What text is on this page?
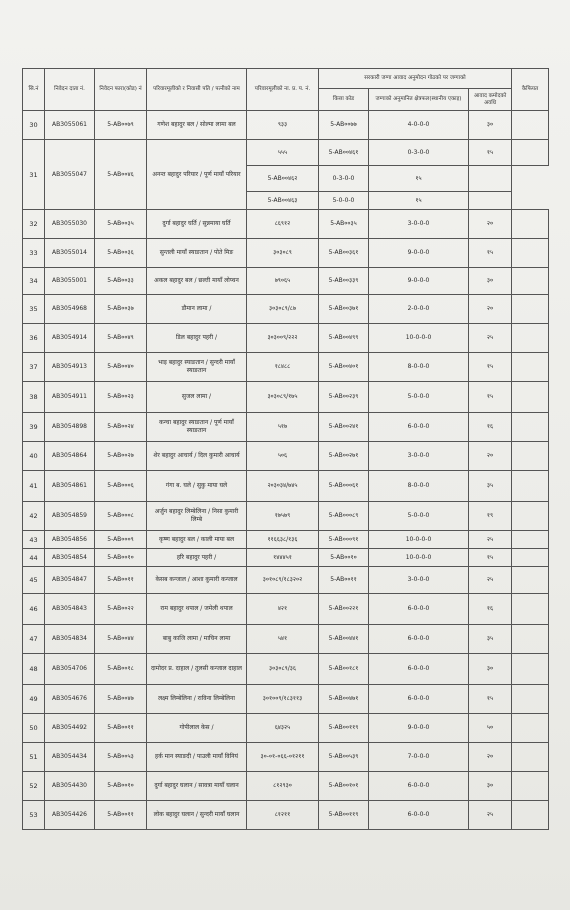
सि.नं	निवेदन दाता नं.	निवेदन फारा(कोड) नं	परिवारमूलीको र निवासी पति / पत्नीको नाम	परिवारमूलीको ना. प्र. प. नं.	सरकारी जग्गा आवाद अनुमोदन गोठको पर जग्गाको			कैफियत
					कित्ता कोड	जग्गाको अनुमानित क्षेत्रफल(स्थानीय एकाइ)	आवाद कमोदको अवधि	
30	AB3055061	5-AB००७९	गणेश बहादुर बल / सोल्मा लामा बल	९३३	5-AB००७७	4-0-0-0	३०	
31	AB3055047	5-AB००४६	अनन्त बहादुर परियार / पूर्ण मायाँ परियार	५५५	5-AB००४६१	0-3-0-0	१५	
				5-AB००४६२	0-3-0-0	१५		
				5-AB००४६३	5-0-0-0	१५		
32	AB3055030	5-AB००३५	दुर्गा बहादुर घर्ति / सुन्नमाया घर्ति	८६९१२	5-AB००३५	3-0-0-0	२०	
33	AB3055014	5-AB००३६	सुन्तली मायाँ स्याङतान / पोते मिङ	३०३०८९	5-AB००३६१	9-0-0-0	१५	
34	AB3055001	5-AB००३३	अकल बहादुर बल / छल्ती मायाँ लोप्चन	७९०६५	5-AB००३३९	9-0-0-0	३०	
35	AB3054968	5-AB००३७	डौमान लामा /	३०३०८९/८७	5-AB००३७१	2-0-0-0	२०	
36	AB3054914	5-AB००४९	डिल बहादुर पहरी /	३०३००९/२२२	5-AB००४९९	10-0-0-0	२५	
37	AB3054913	5-AB००४०	भाइ बहादुर स्याङतान / सुन्दरी मायाँ स्याङतान	१८४८८	5-AB००४०१	8-0-0-0	१५	
38	AB3054911	5-AB००२३	सुजल लामा /	३०३०८९/१७५	5-AB००२३९	5-0-0-0	१५	
39	AB3054898	5-AB००२४	कन्चा बहादुर स्याङतान / पूर्ण मायाँ स्याङतान	५१७	5-AB००२४१	6-0-0-0	१६	
40	AB3054864	5-AB००२७	शेर बहादुर आचार्य / दिल कुमारी आचार्य	५०६	5-AB००२७१	3-0-0-0	२०	
41	AB3054861	5-AB०००६	गंगा ब. घले / सुकु माया घले	२०३०३४/७४५	5-AB०००६१	8-0-0-0	३५	
42	AB3054859	5-AB०००८	अर्जुन बहादुर लिम्बेलिना / निसा कुमारी लिम्बे	१७५७९	5-AB०००८९	5-0-0-0	१९	
43	AB3054856	5-AB०००९	कृष्ण बहादुर बल / काली माया बल	११६६३८/१३६	5-AB०००९१	10-0-0-0	२५	
44	AB3054854	5-AB००१०	हरि बहादुर पहरी /	१४४४५१	5-AB००१०	10-0-0-0	१५	
45	AB3054847	5-AB००११	केसब कन्जाल / आशा कुमारी कन्जाल	३०१०८९/१८३२०२	5-AB००११	3-0-0-0	२५	
46	AB3054843	5-AB००२२	राम बहादुर थपाल / जमेली थपाल	४२१	5-AB००२२१	6-0-0-0	१६	
47	AB3054834	5-AB००४४	बाबु काजि लामा / माचिन लामा	५४१	5-AB००४४१	6-0-0-0	३५	
48	AB3054706	5-AB००१८	दामोदर प्र. दाहाल / तुलसी कन्जाल दाहाल	३०३०८९/३६	5-AB००१८१	6-0-0-0	३०	
49	AB3054676	5-AB००४७	लक्ष्म लिम्बेलिना / राविना लिम्बेलिना	३०१००९/१८३११३	5-AB००४७१	6-0-0-0	१५	
50	AB3054492	5-AB००११	गोपीलाल केस /	६४३२५	5-AB००११९	9-0-0-0	५०	
51	AB3054434	5-AB००५३	हर्क मान स्याङदी / पाउली मायाँ विनियं	३०-०१-०६६-०१२११	5-AB००५३९	7-0-0-0	२०	
52	AB3054430	5-AB००१०	दुर्गा बहादुर घलान / सावत्रा मायाँ घलान	८१२९३०	5-AB००१०१	6-0-0-0	३०	
53	AB3054426	5-AB००११	लोक बहादुर घलान / सुन्दरी मायाँ घलान	८१२११	5-AB००११९	6-0-0-0	२५	
